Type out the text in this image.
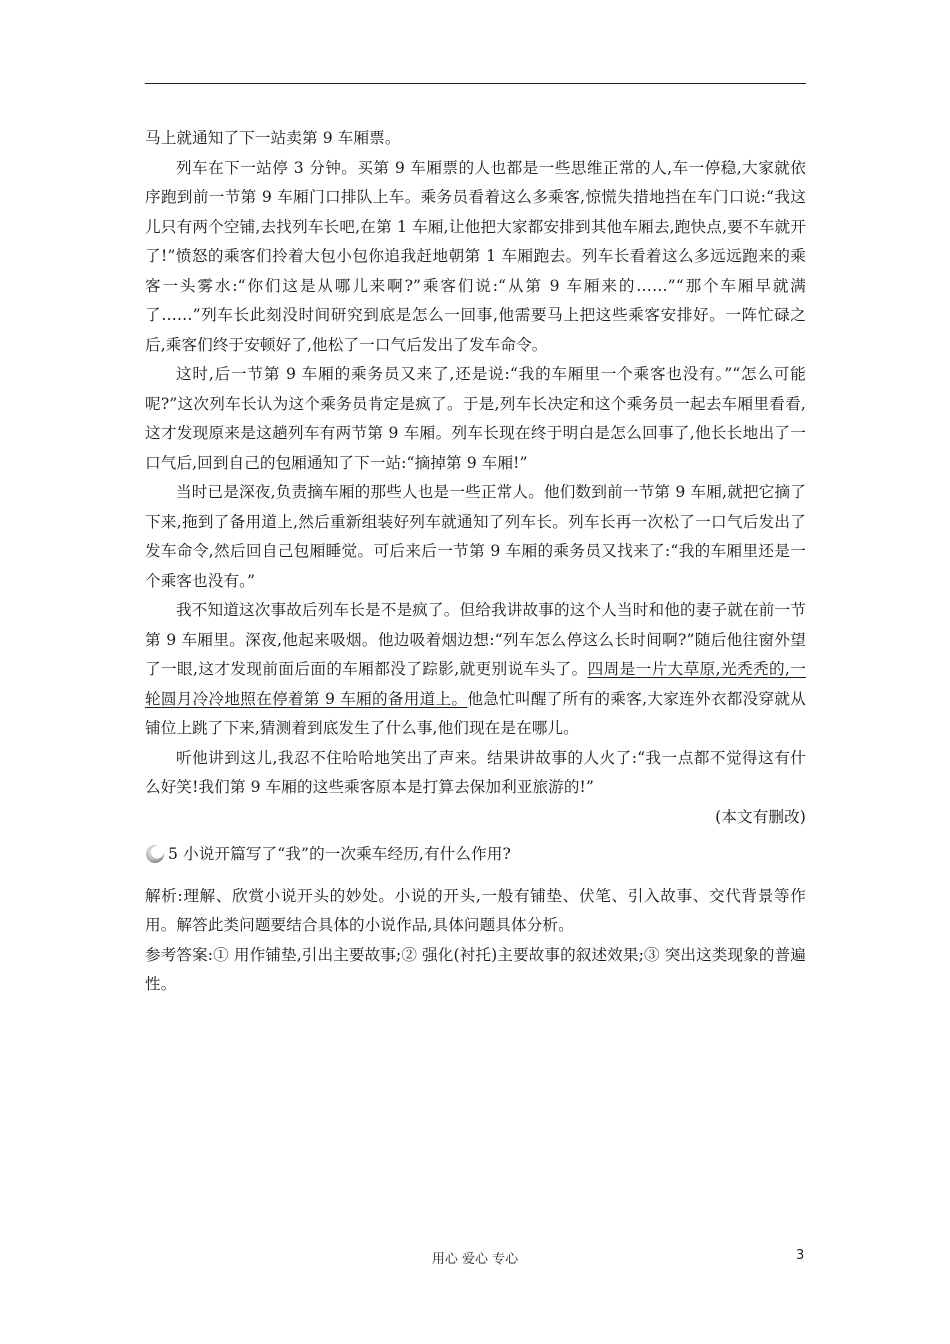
马上就通知了下一站卖第 9 车厢票。

列车在下一站停 3 分钟。买第 9 车厢票的人也都是一些思维正常的人,车一停稳,大家就依序跑到前一节第 9 车厢门口排队上车。乘务员看着这么多乘客,惊慌失措地挡在车门口说:“我这儿只有两个空铺,去找列车长吧,在第 1 车厢,让他把大家都安排到其他车厢去,跑快点,要不车就开了!”愤怒的乘客们拎着大包小包你追我赶地朝第 1 车厢跑去。列车长看着这么多远远跑来的乘客一头雾水:“你们这是从哪儿来啊?”乘客们说:“从第 9 车厢来的……”“那个车厢早就满了……”列车长此刻没时间研究到底是怎么一回事,他需要马上把这些乘客安排好。一阵忙碌之后,乘客们终于安顿好了,他松了一口气后发出了发车命令。

这时,后一节第 9 车厢的乘务员又来了,还是说:“我的车厢里一个乘客也没有。”“怎么可能呢?”这次列车长认为这个乘务员肯定是疯了。于是,列车长决定和这个乘务员一起去车厢里看看,这才发现原来是这趟列车有两节第 9 车厢。列车长现在终于明白是怎么回事了,他长长地出了一口气后,回到自己的包厢通知了下一站:“摘掉第 9 车厢!”

当时已是深夜,负责摘车厢的那些人也是一些正常人。他们数到前一节第 9 车厢,就把它摘了下来,拖到了备用道上,然后重新组装好列车就通知了列车长。列车长再一次松了一口气后发出了发车命令,然后回自己包厢睡觉。可后来后一节第 9 车厢的乘务员又找来了:“我的车厢里还是一个乘客也没有。”

我不知道这次事故后列车长是不是疯了。但给我讲故事的这个人当时和他的妻子就在前一节第 9 车厢里。深夜,他起来吸烟。他边吸着烟边想:“列车怎么停这么长时间啊?”随后他往窗外望了一眼,这才发现前面后面的车厢都没了踪影,就更别说车头了。四周是一片大草原,光秃秃的,一轮圆月冷冷地照在停着第 9 车厢的备用道上。他急忙叫醒了所有的乘客,大家连外衣都没穿就从铺位上跳了下来,猜测着到底发生了什么事,他们现在是在哪儿。

听他讲到这儿,我忍不住哈哈地笑出了声来。结果讲故事的人火了:“我一点都不觉得这有什么好笑!我们第 9 车厢的这些乘客原本是打算去保加利亚旅游的!”

(本文有删改)

5 小说开篇写了“我”的一次乘车经历,有什么作用?

解析:理解、欣赏小说开头的妙处。小说的开头,一般有铺垫、伏笔、引入故事、交代背景等作用。解答此类问题要结合具体的小说作品,具体问题具体分析。

参考答案:① 用作铺垫,引出主要故事;② 强化(衬托)主要故事的叙述效果;③ 突出这类现象的普遍性。

用心 爱心 专心	3
